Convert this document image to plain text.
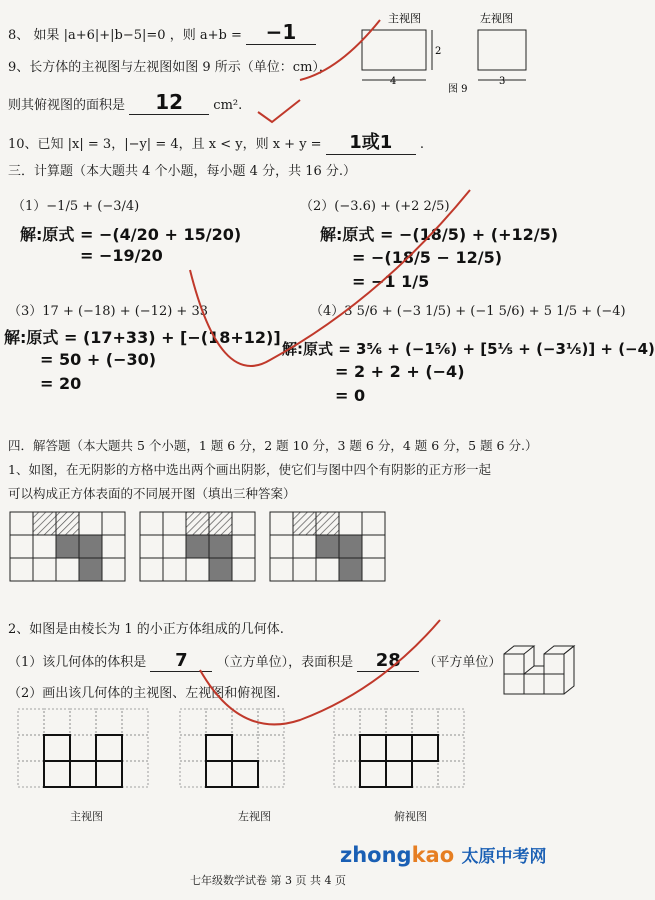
8、 如果 |a+6|+|b−5|=0 ，则 a+b = −1
主视图	左视图
4
2
3
图 9
9、长方体的主视图与左视图如图 9 所示（单位：cm），
则其俯视图的面积是 12 cm².
10、已知 |x| = 3，|−y| = 4，且 x < y，则 x + y = 1或1 .
三．计算题（本大题共 4 个小题，每小题 4 分，共 16 分.）
（1）−1/5 + (−3/4)
解:原式 = −(4/20 + 15/20)
= −19/20
（2）(−3.6) + (+2 2/5)
解:原式 = −(18/5) + (+12/5)
= −(18/5 − 12/5)
= −1 1/5
（3）17 + (−18) + (−12) + 33
解:原式 = (17+33) + [−(18+12)]
= 50 + (−30)
= 20
（4）3 5/6 + (−3 1/5) + (−1 5/6) + 5 1/5 + (−4)
解:原式 = 3⅚ + (−1⅚) + [5⅕ + (−3⅕)] + (−4)
= 2 + 2 + (−4)
= 0
四．解答题（本大题共 5 个小题，1 题 6 分，2 题 10 分，3 题 6 分，4 题 6 分，5 题 6 分.）
1、如图，在无阴影的方格中选出两个画出阴影，使它们与图中四个有阴影的正方形一起
可以构成正方体表面的不同展开图（填出三种答案）
2、如图是由棱长为 1 的小正方体组成的几何体.
（1）该几何体的体积是 7 （立方单位），表面积是 28 （平方单位）
（2）画出该几何体的主视图、左视图和俯视图.
主视图	左视图	俯视图
七年级数学试卷 第 3 页 共 4 页
zhongkao 太原中考网
